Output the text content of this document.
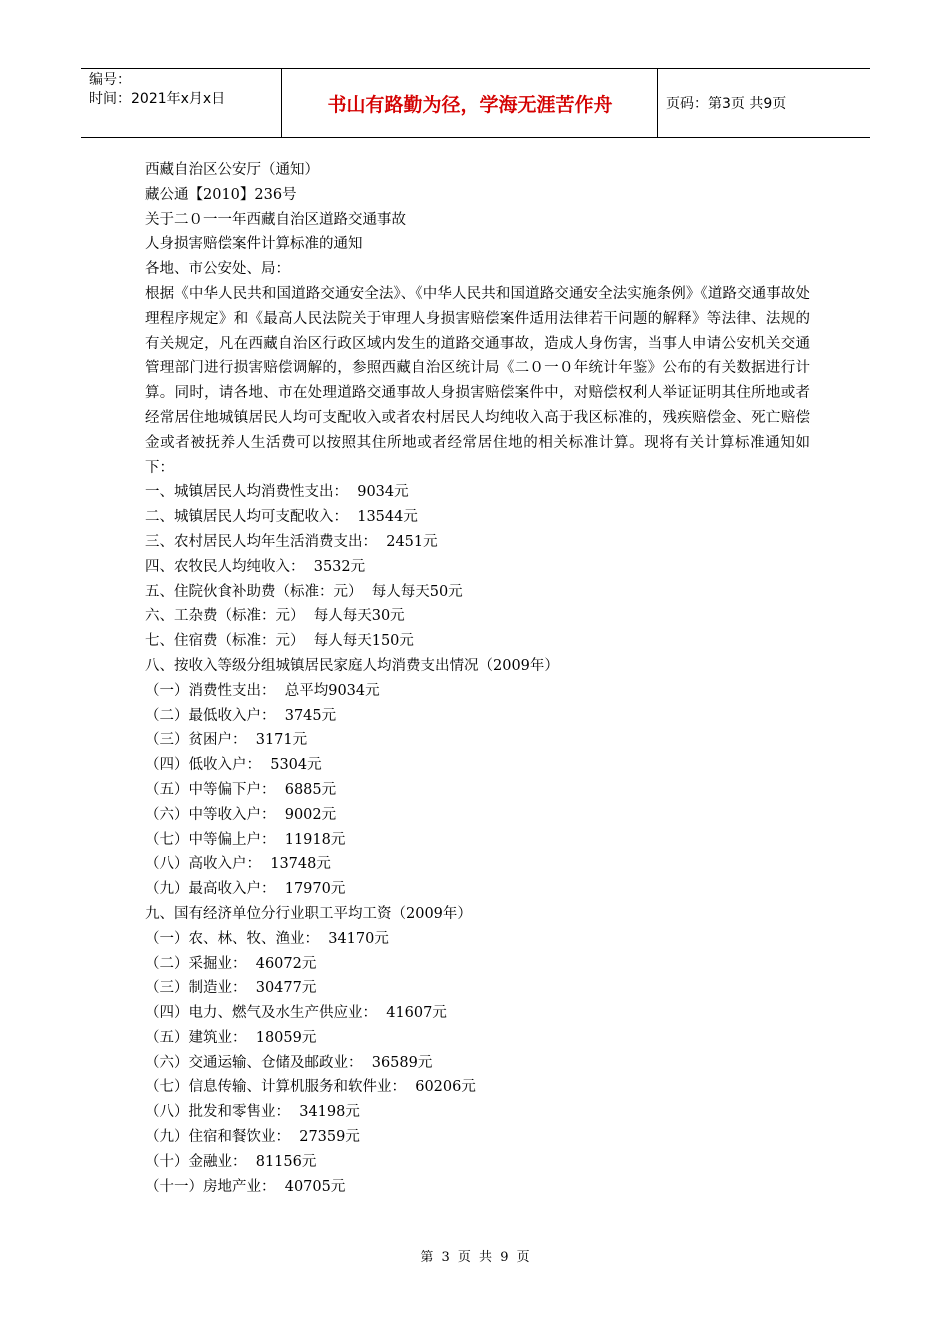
编号：
时间：2021年x月x日	书山有路勤为径，学海无涯苦作舟	页码：第3页 共9页

西藏自治区公安厅（通知）

藏公通【2010】236号

关于二０一一年西藏自治区道路交通事故

人身损害赔偿案件计算标准的通知

各地、市公安处、局：

根据《中华人民共和国道路交通安全法》、《中华人民共和国道路交通安全法实施条例》《道路交通事故处理程序规定》和《最高人民法院关于审理人身损害赔偿案件适用法律若干问题的解释》等法律、法规的有关规定，凡在西藏自治区行政区域内发生的道路交通事故，造成人身伤害，当事人申请公安机关交通管理部门进行损害赔偿调解的，参照西藏自治区统计局《二０一０年统计年鉴》公布的有关数据进行计算。同时，请各地、市在处理道路交通事故人身损害赔偿案件中，对赔偿权利人举证证明其住所地或者经常居住地城镇居民人均可支配收入或者农村居民人均纯收入高于我区标准的，残疾赔偿金、死亡赔偿金或者被抚养人生活费可以按照其住所地或者经常居住地的相关标准计算。现将有关计算标准通知如下：

一、城镇居民人均消费性支出：  9034元

二、城镇居民人均可支配收入：  13544元

三、农村居民人均年生活消费支出：  2451元

四、农牧民人均纯收入：  3532元

五、住院伙食补助费（标准：元）  每人每天50元

六、工杂费（标准：元）  每人每天30元

七、住宿费（标准：元）  每人每天150元

八、按收入等级分组城镇居民家庭人均消费支出情况（2009年）

（一）消费性支出：  总平均9034元

（二）最低收入户：  3745元

（三）贫困户：  3171元

（四）低收入户：  5304元

（五）中等偏下户：  6885元

（六）中等收入户：  9002元

（七）中等偏上户：  11918元

（八）高收入户：  13748元

（九）最高收入户：  17970元

九、国有经济单位分行业职工平均工资（2009年）

（一）农、林、牧、渔业：  34170元

（二）采掘业：  46072元

（三）制造业：  30477元

（四）电力、燃气及水生产供应业：  41607元

（五）建筑业：  18059元

（六）交通运输、仓储及邮政业：  36589元

（七）信息传输、计算机服务和软件业：  60206元

（八）批发和零售业：  34198元

（九）住宿和餐饮业：  27359元

（十）金融业：  81156元

（十一）房地产业：  40705元

第 3 页 共 9 页
